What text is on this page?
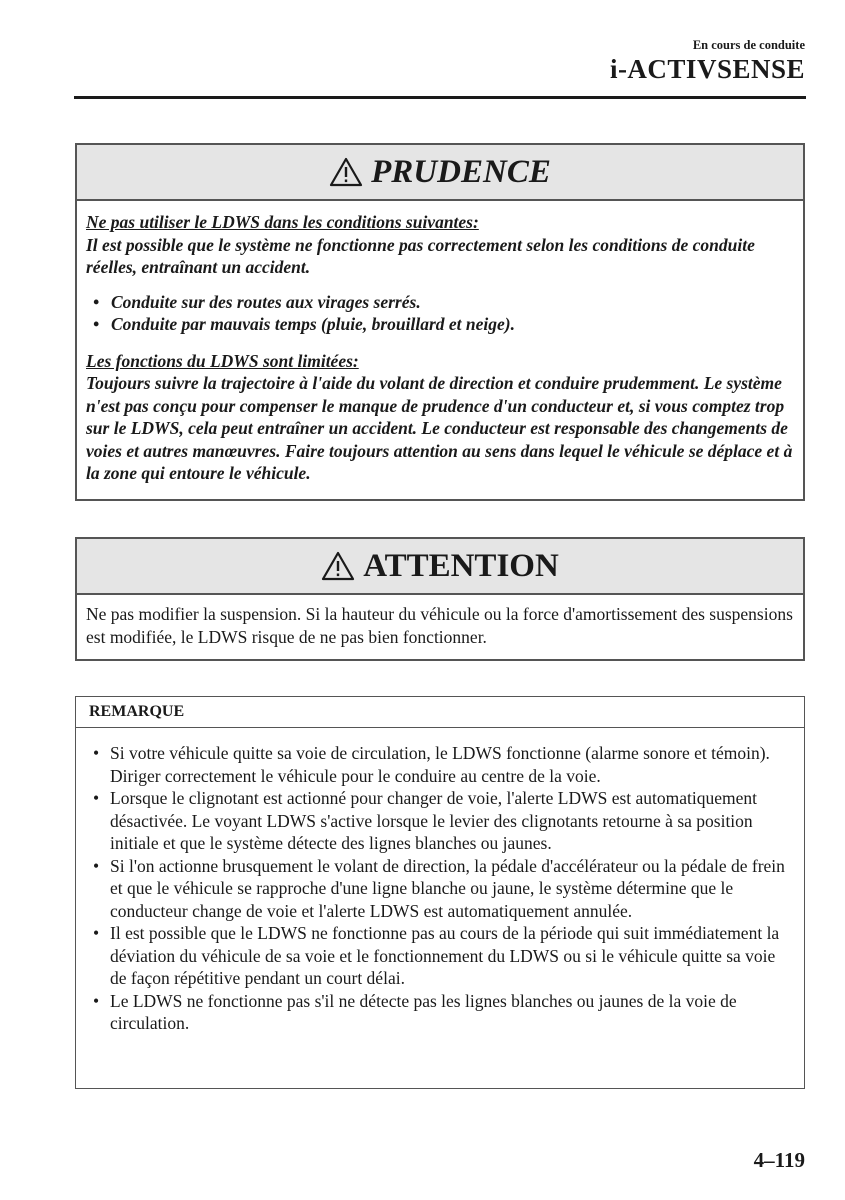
En cours de conduite
i-ACTIVSENSE
PRUDENCE
Ne pas utiliser le LDWS dans les conditions suivantes:
Il est possible que le système ne fonctionne pas correctement selon les conditions de conduite réelles, entraînant un accident.
• Conduite sur des routes aux virages serrés.
• Conduite par mauvais temps (pluie, brouillard et neige).
Les fonctions du LDWS sont limitées:
Toujours suivre la trajectoire à l'aide du volant de direction et conduire prudemment. Le système n'est pas conçu pour compenser le manque de prudence d'un conducteur et, si vous comptez trop sur le LDWS, cela peut entraîner un accident. Le conducteur est responsable des changements de voies et autres manœuvres. Faire toujours attention au sens dans lequel le véhicule se déplace et à la zone qui entoure le véhicule.
ATTENTION
Ne pas modifier la suspension. Si la hauteur du véhicule ou la force d'amortissement des suspensions est modifiée, le LDWS risque de ne pas bien fonctionner.
REMARQUE
• Si votre véhicule quitte sa voie de circulation, le LDWS fonctionne (alarme sonore et témoin). Diriger correctement le véhicule pour le conduire au centre de la voie.
• Lorsque le clignotant est actionné pour changer de voie, l'alerte LDWS est automatiquement désactivée. Le voyant LDWS s'active lorsque le levier des clignotants retourne à sa position initiale et que le système détecte des lignes blanches ou jaunes.
• Si l'on actionne brusquement le volant de direction, la pédale d'accélérateur ou la pédale de frein et que le véhicule se rapproche d'une ligne blanche ou jaune, le système détermine que le conducteur change de voie et l'alerte LDWS est automatiquement annulée.
• Il est possible que le LDWS ne fonctionne pas au cours de la période qui suit immédiatement la déviation du véhicule de sa voie et le fonctionnement du LDWS ou si le véhicule quitte sa voie de façon répétitive pendant un court délai.
• Le LDWS ne fonctionne pas s'il ne détecte pas les lignes blanches ou jaunes de la voie de circulation.
4–119
